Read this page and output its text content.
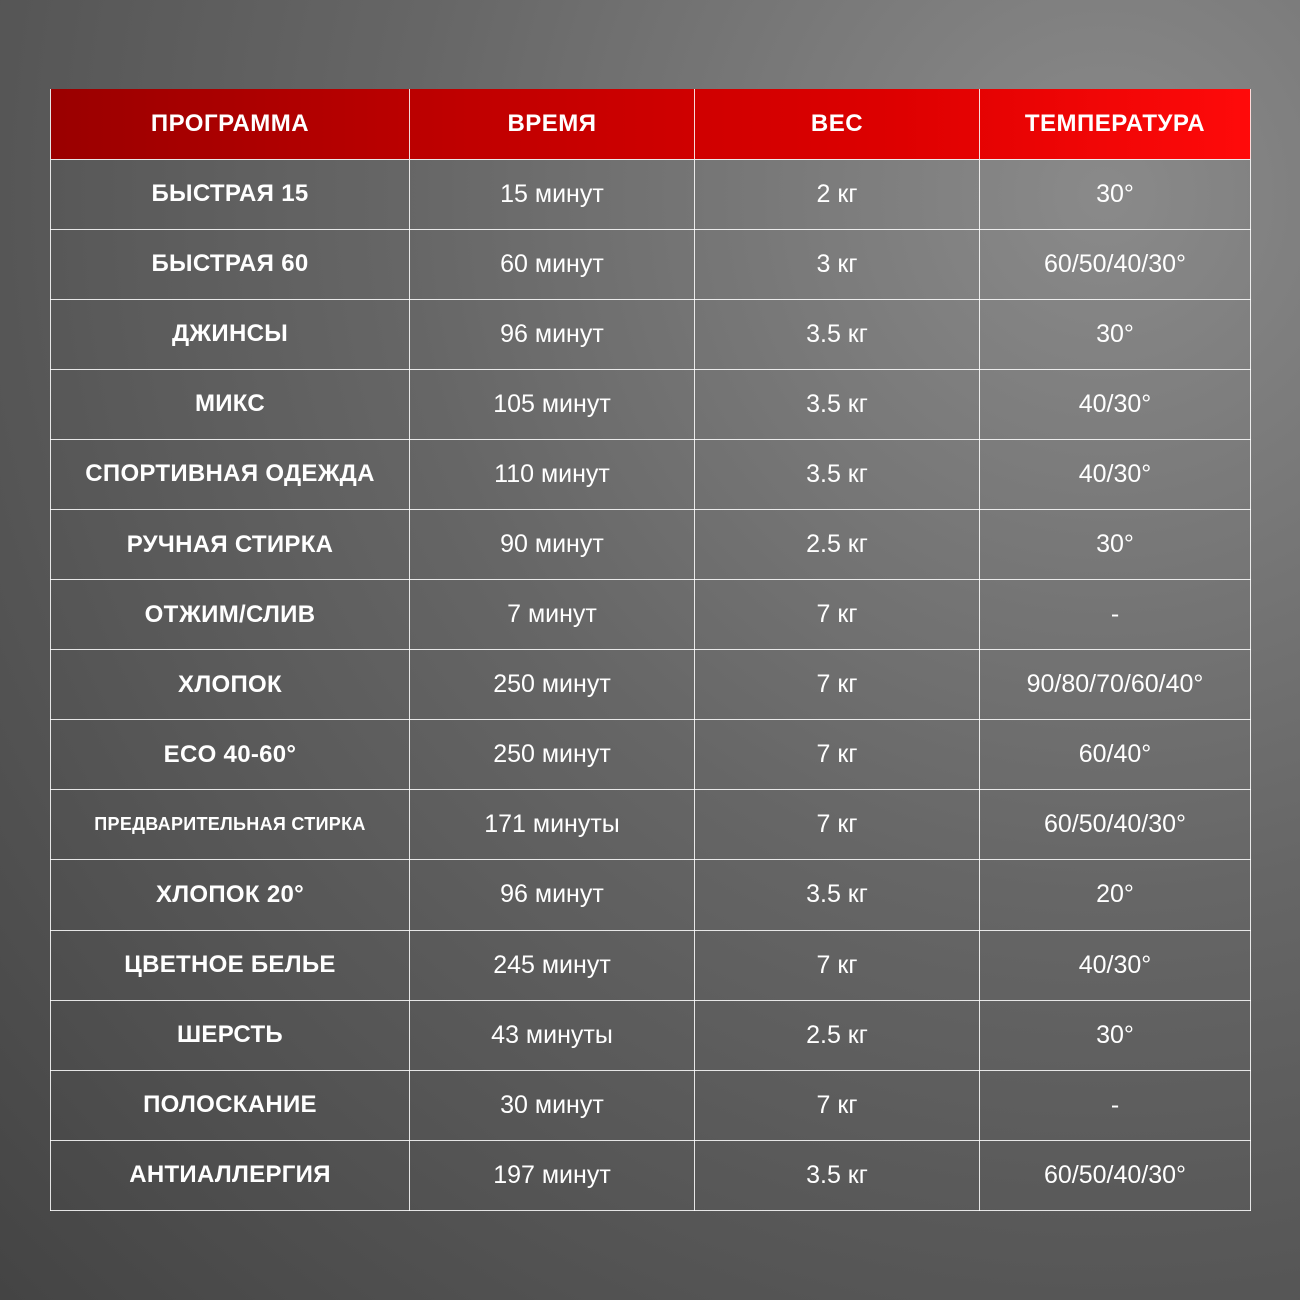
ПРОГРАММА	ВРЕМЯ	ВЕС	ТЕМПЕРАТУРА
БЫСТРАЯ 15	15 минут	2 кг	30°
БЫСТРАЯ 60	60 минут	3 кг	60/50/40/30°
ДЖИНСЫ	96 минут	3.5 кг	30°
МИКС	105 минут	3.5 кг	40/30°
СПОРТИВНАЯ ОДЕЖДА	110 минут	3.5 кг	40/30°
РУЧНАЯ СТИРКА	90 минут	2.5 кг	30°
ОТЖИМ/СЛИВ	7 минут	7 кг	-
ХЛОПОК	250 минут	7 кг	90/80/70/60/40°
ECO 40-60°	250 минут	7 кг	60/40°
ПРЕДВАРИТЕЛЬНАЯ СТИРКА	171 минуты	7 кг	60/50/40/30°
ХЛОПОК 20°	96 минут	3.5 кг	20°
ЦВЕТНОЕ БЕЛЬЕ	245 минут	7 кг	40/30°
ШЕРСТЬ	43 минуты	2.5 кг	30°
ПОЛОСКАНИЕ	30 минут	7 кг	-
АНТИАЛЛЕРГИЯ	197 минут	3.5 кг	60/50/40/30°
